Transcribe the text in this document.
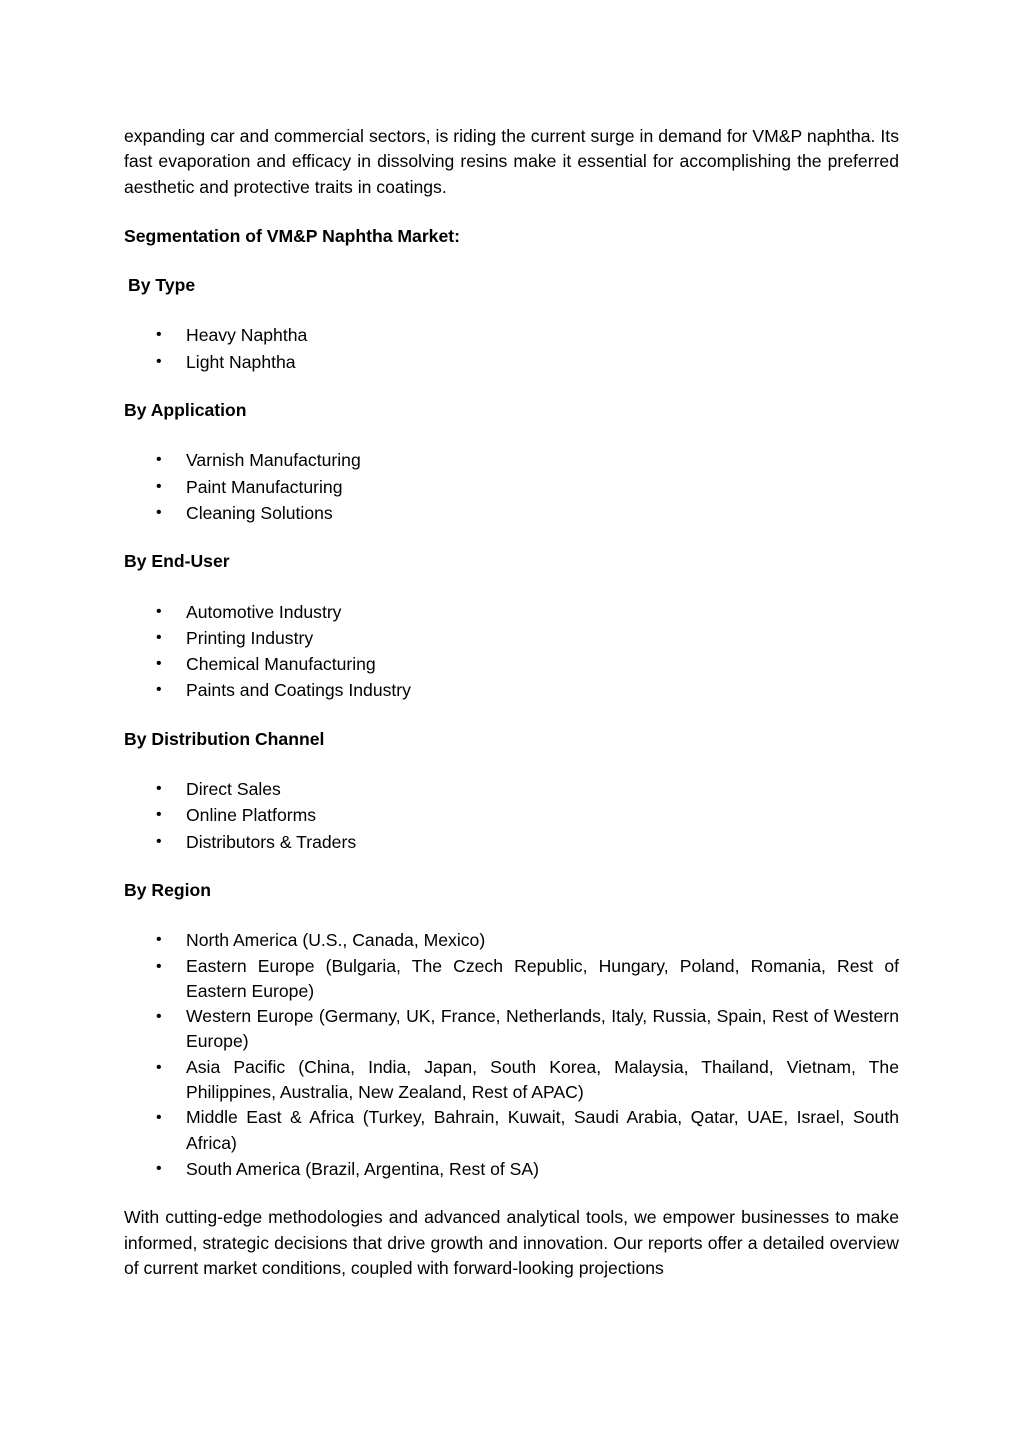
expanding car and commercial sectors, is riding the current surge in demand for VM&P naphtha. Its fast evaporation and efficacy in dissolving resins make it essential for accomplishing the preferred aesthetic and protective traits in coatings.

Segmentation of VM&P Naphtha Market:

By Type

• Heavy Naphtha
• Light Naphtha

By Application

• Varnish Manufacturing
• Paint Manufacturing
• Cleaning Solutions

By End-User

• Automotive Industry
• Printing Industry
• Chemical Manufacturing
• Paints and Coatings Industry

By Distribution Channel

• Direct Sales
• Online Platforms
• Distributors & Traders

By Region

• North America (U.S., Canada, Mexico)
• Eastern Europe (Bulgaria, The Czech Republic, Hungary, Poland, Romania, Rest of Eastern Europe)
• Western Europe (Germany, UK, France, Netherlands, Italy, Russia, Spain, Rest of Western Europe)
• Asia Pacific (China, India, Japan, South Korea, Malaysia, Thailand, Vietnam, The Philippines, Australia, New Zealand, Rest of APAC)
• Middle East & Africa (Turkey, Bahrain, Kuwait, Saudi Arabia, Qatar, UAE, Israel, South Africa)
• South America (Brazil, Argentina, Rest of SA)

With cutting-edge methodologies and advanced analytical tools, we empower businesses to make informed, strategic decisions that drive growth and innovation. Our reports offer a detailed overview of current market conditions, coupled with forward-looking projections
